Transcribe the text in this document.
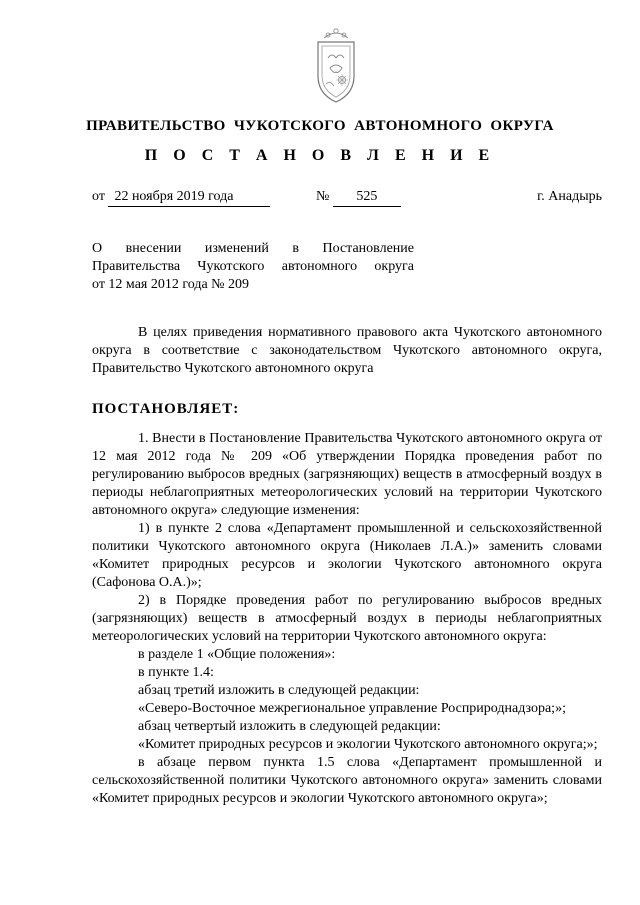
ПРАВИТЕЛЬСТВО ЧУКОТСКОГО АВТОНОМНОГО ОКРУГА
П О С Т А Н О В Л Е Н И Е
от 22 ноября 2019 года	№ 525	г. Анадырь
О внесении изменений в Постановление
Правительства Чукотского автономного округа
от 12 мая 2012 года № 209

В целях приведения нормативного правового акта Чукотского автономного округа в соответствие с законодательством Чукотского автономного округа, Правительство Чукотского автономного округа

ПОСТАНОВЛЯЕТ:

1. Внести в Постановление Правительства Чукотского автономного округа от 12 мая 2012 года № 209 «Об утверждении Порядка проведения работ по регулированию выбросов вредных (загрязняющих) веществ в атмосферный воздух в периоды неблагоприятных метеорологических условий на территории Чукотского автономного округа» следующие изменения:

1) в пункте 2 слова «Департамент промышленной и сельскохозяйственной политики Чукотского автономного округа (Николаев Л.А.)» заменить словами «Комитет природных ресурсов и экологии Чукотского автономного округа (Сафонова О.А.)»;

2) в Порядке проведения работ по регулированию выбросов вредных (загрязняющих) веществ в атмосферный воздух в периоды неблагоприятных метеорологических условий на территории Чукотского автономного округа:

в разделе 1 «Общие положения»:

в пункте 1.4:

абзац третий изложить в следующей редакции:

«Северо-Восточное межрегиональное управление Росприроднадзора;»;

абзац четвертый изложить в следующей редакции:

«Комитет природных ресурсов и экологии Чукотского автономного округа;»;

в абзаце первом пункта 1.5 слова «Департамент промышленной и сельскохозяйственной политики Чукотского автономного округа» заменить словами «Комитет природных ресурсов и экологии Чукотского автономного округа»;
